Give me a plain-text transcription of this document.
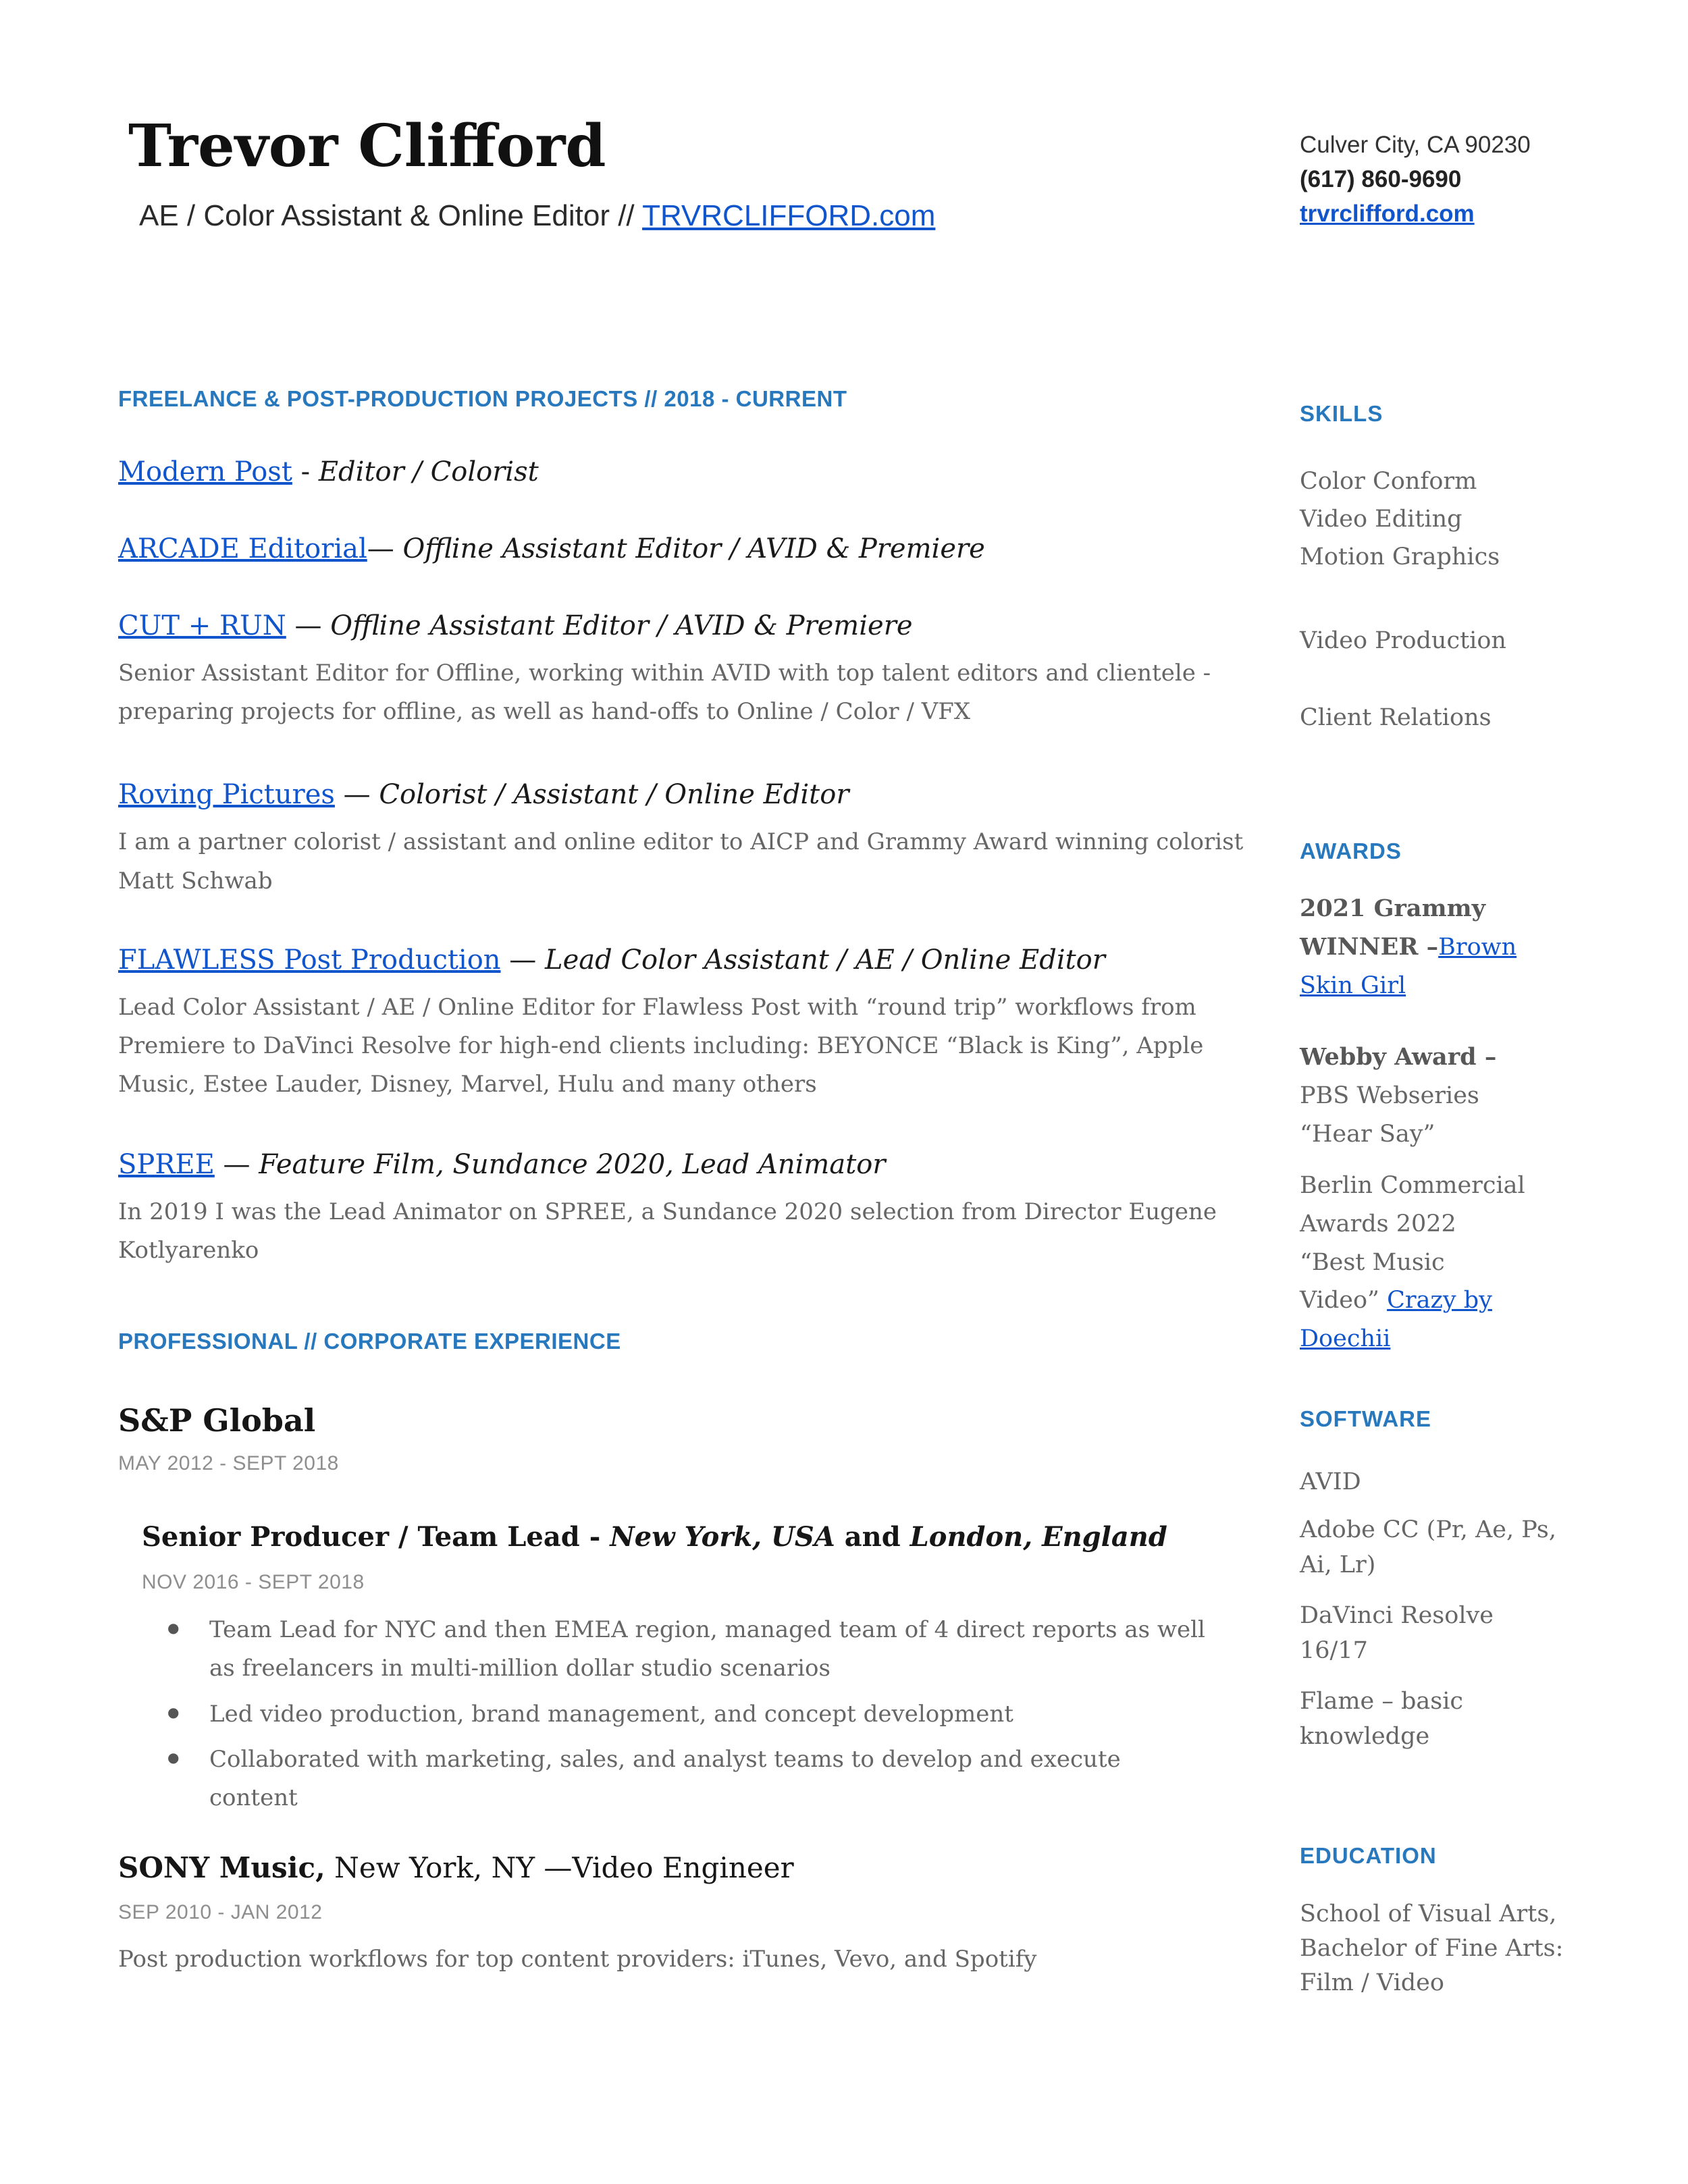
Trevor Clifford
AE / Color Assistant & Online Editor // TRVRCLIFFORD.com
Culver City, CA 90230
(617) 860-9690
trvrclifford.com
FREELANCE & POST-PRODUCTION PROJECTS // 2018 - CURRENT
Modern Post - Editor / Colorist
ARCADE Editorial— Offline Assistant Editor / AVID & Premiere
CUT + RUN — Offline Assistant Editor / AVID & Premiere

Senior Assistant Editor for Offline, working within AVID with top talent editors and clientele - preparing projects for offline, as well as hand-offs to Online / Color / VFX

Roving Pictures — Colorist / Assistant / Online Editor

I am a partner colorist / assistant and online editor to AICP and Grammy Award winning colorist Matt Schwab

FLAWLESS Post Production — Lead Color Assistant / AE / Online Editor

Lead Color Assistant / AE / Online Editor for Flawless Post with “round trip” workflows from Premiere to DaVinci Resolve for high-end clients including: BEYONCE “Black is King”, Apple Music, Estee Lauder, Disney, Marvel, Hulu and many others

SPREE — Feature Film, Sundance 2020, Lead Animator

In 2019 I was the Lead Animator on SPREE, a Sundance 2020 selection from Director Eugene Kotlyarenko

PROFESSIONAL // CORPORATE EXPERIENCE
S&P Global
MAY 2012 - SEPT 2018
Senior Producer / Team Lead - New York, USA and London, England
NOV 2016 - SEPT 2018
● Team Lead for NYC and then EMEA region, managed team of 4 direct reports as well as freelancers in multi-million dollar studio scenarios
● Led video production, brand management, and concept development
● Collaborated with marketing, sales, and analyst teams to develop and execute content
SONY Music, New York, NY —Video Engineer
SEP 2010 - JAN 2012

Post production workflows for top content providers: iTunes, Vevo, and Spotify

SKILLS
Color Conform
Video Editing
Motion Graphics
Video Production
Client Relations
AWARDS
2021 Grammy WINNER –Brown Skin Girl
Webby Award – PBS Webseries “Hear Say”
Berlin Commercial Awards 2022 “Best Music Video” Crazy by Doechii
SOFTWARE
AVID
Adobe CC (Pr, Ae, Ps, Ai, Lr)
DaVinci Resolve 16/17
Flame – basic knowledge
EDUCATION
School of Visual Arts, Bachelor of Fine Arts: Film / Video
